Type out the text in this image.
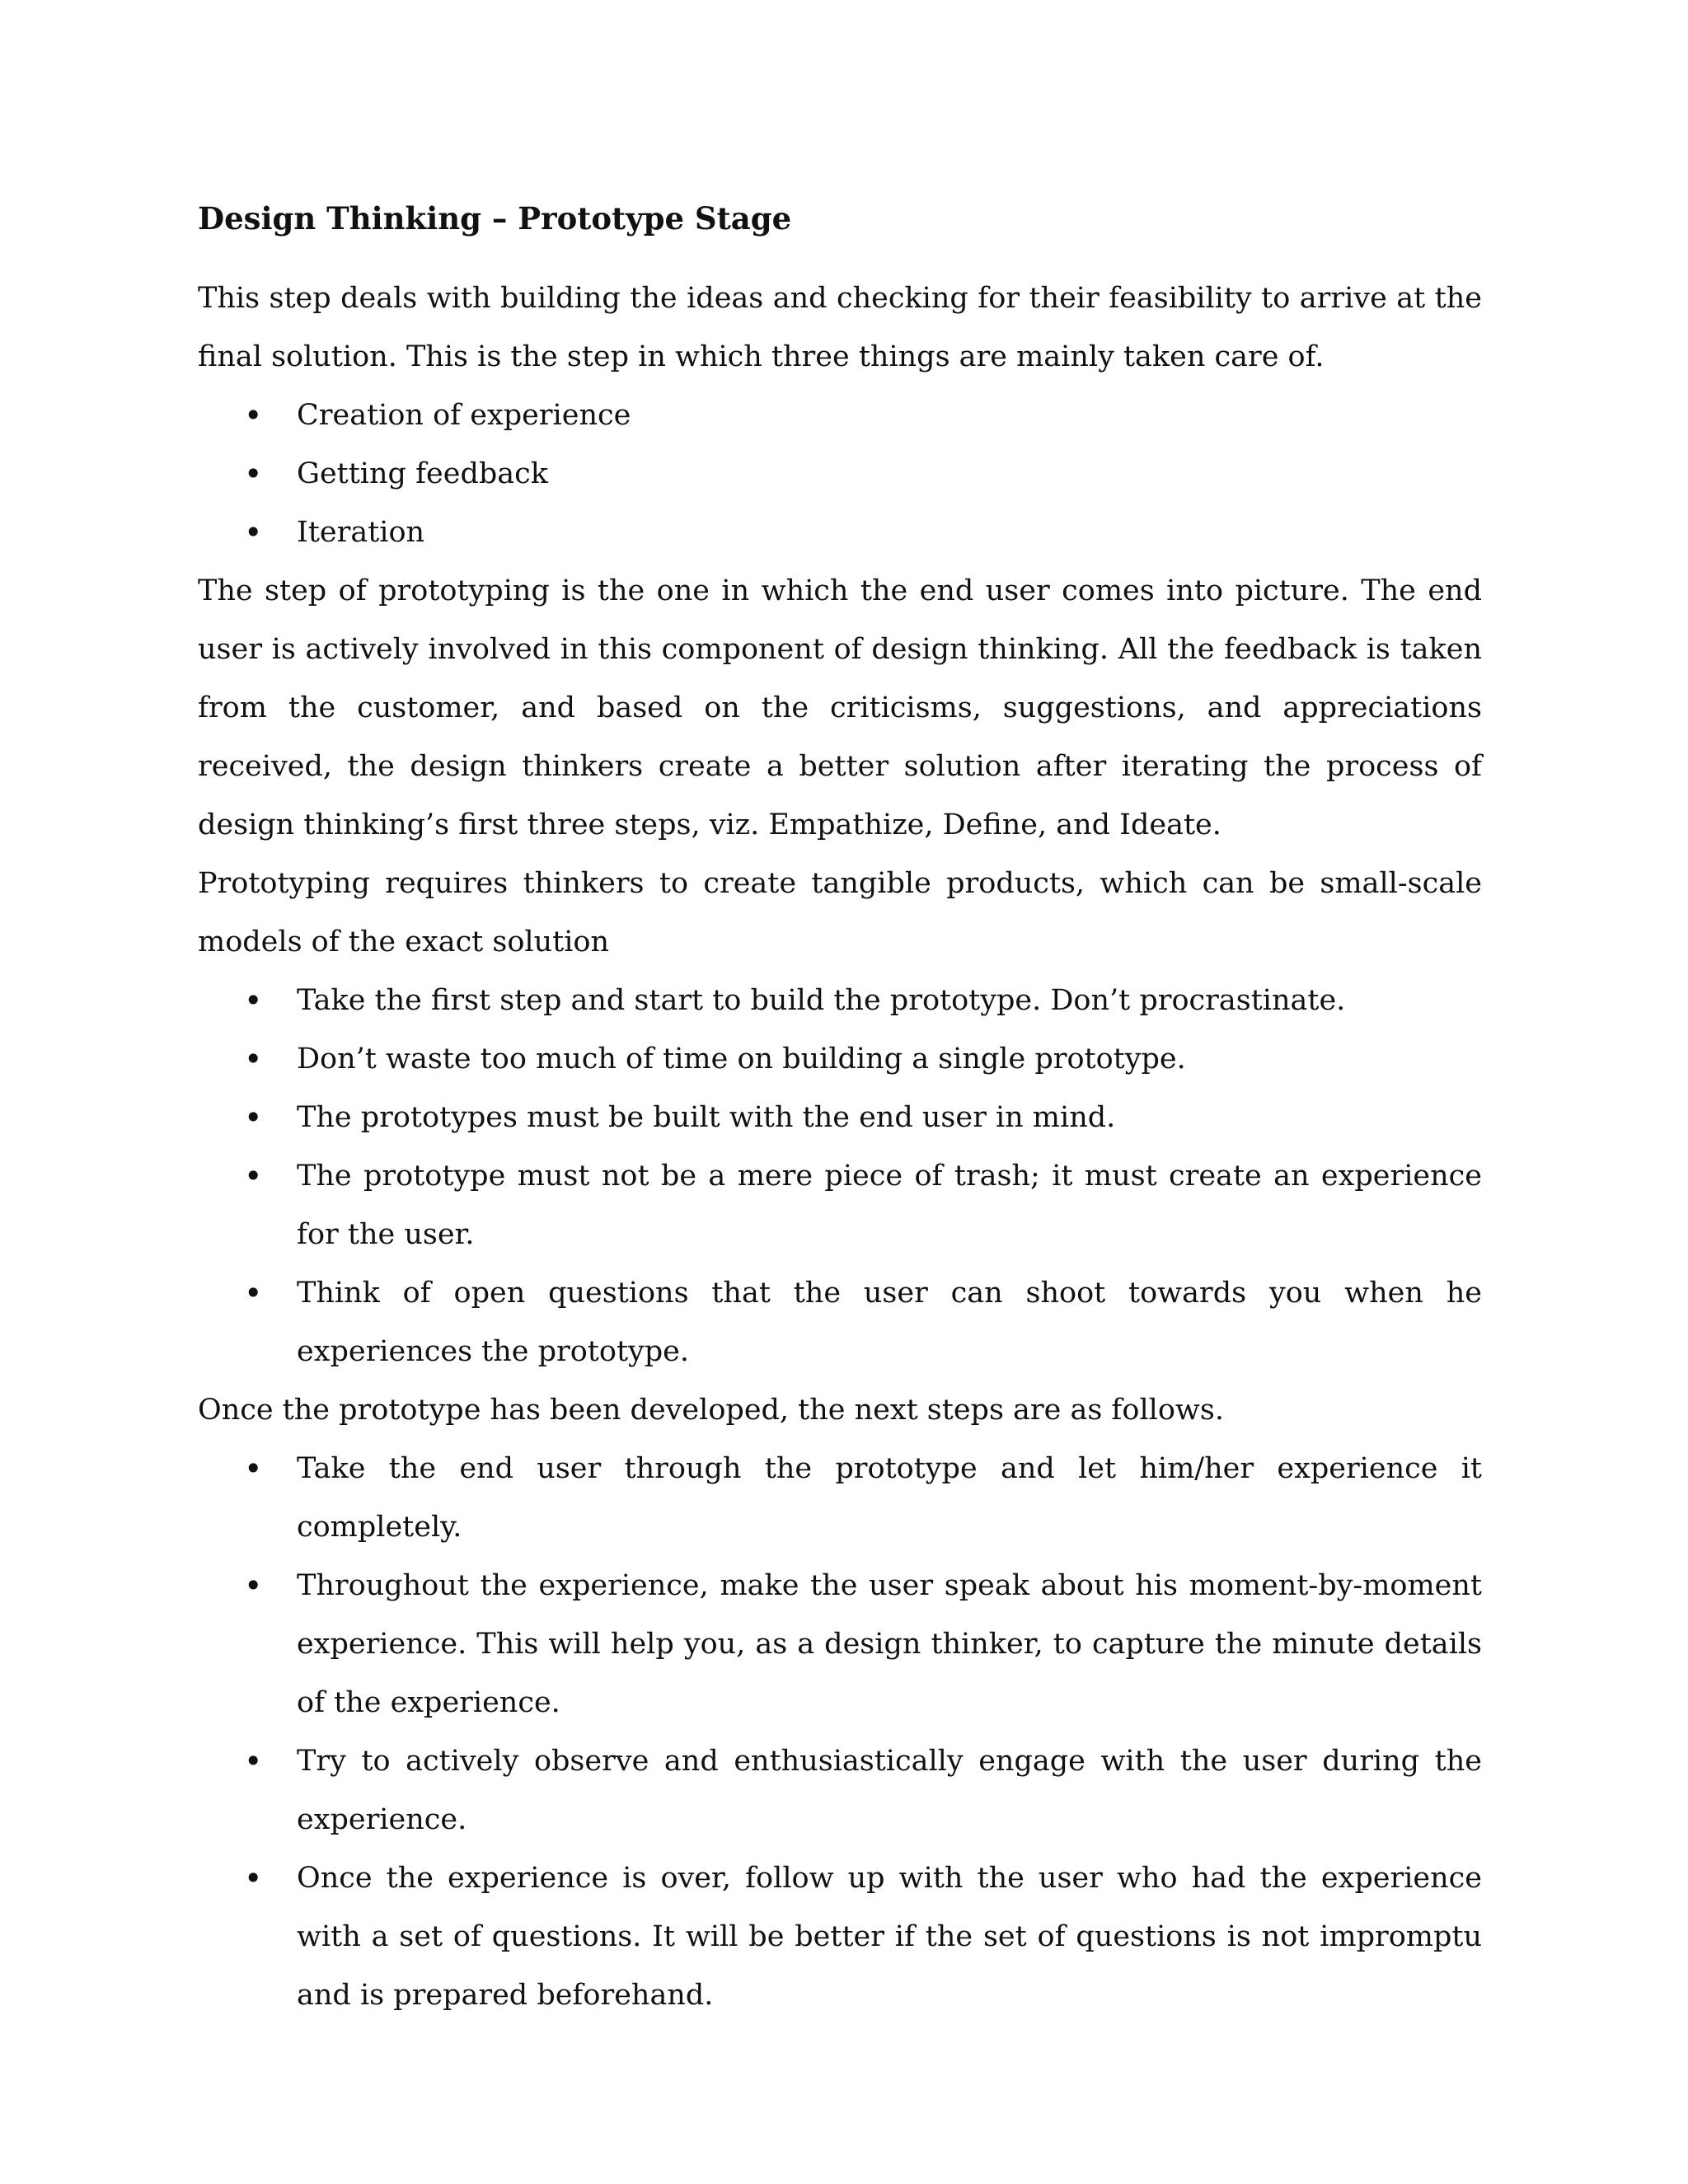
Design Thinking – Prototype Stage

This step deals with building the ideas and checking for their feasibility to arrive at the final solution. This is the step in which three things are mainly taken care of.

• Creation of experience
• Getting feedback
• Iteration

The step of prototyping is the one in which the end user comes into picture. The end user is actively involved in this component of design thinking. All the feedback is taken from the customer, and based on the criticisms, suggestions, and appreciations received, the design thinkers create a better solution after iterating the process of design thinking’s first three steps, viz. Empathize, Define, and Ideate.

Prototyping requires thinkers to create tangible products, which can be small-scale models of the exact solution

• Take the first step and start to build the prototype. Don’t procrastinate.
• Don’t waste too much of time on building a single prototype.
• The prototypes must be built with the end user in mind.
• The prototype must not be a mere piece of trash; it must create an experience for the user.
• Think of open questions that the user can shoot towards you when he experiences the prototype.

Once the prototype has been developed, the next steps are as follows.

• Take the end user through the prototype and let him/her experience it completely.
• Throughout the experience, make the user speak about his moment-by-moment experience. This will help you, as a design thinker, to capture the minute details of the experience.
• Try to actively observe and enthusiastically engage with the user during the experience.
• Once the experience is over, follow up with the user who had the experience with a set of questions. It will be better if the set of questions is not impromptu and is prepared beforehand.
